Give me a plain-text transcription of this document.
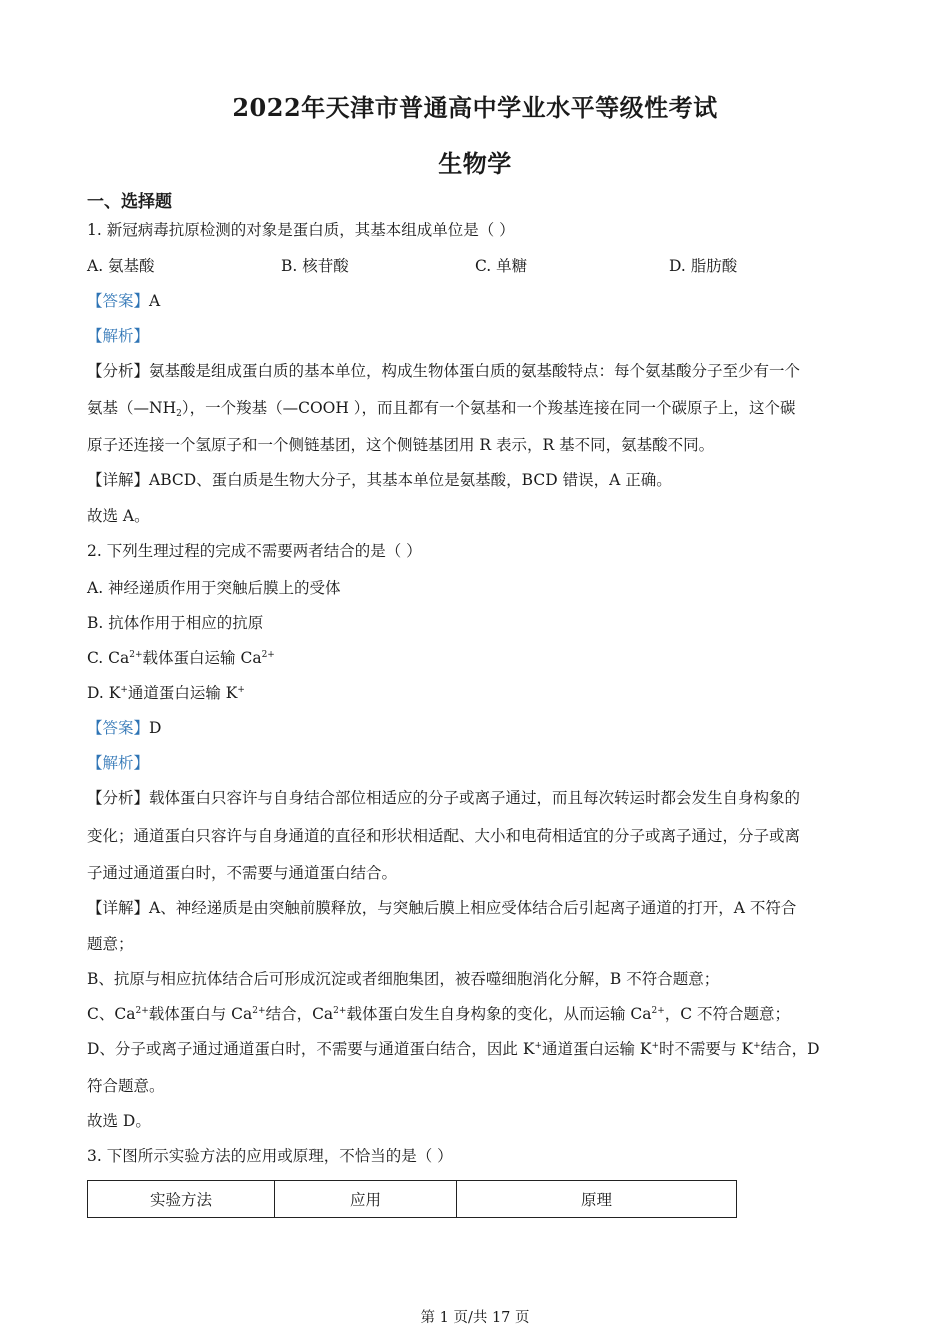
2022年天津市普通高中学业水平等级性考试
生物学
一、选择题
1. 新冠病毒抗原检测的对象是蛋白质，其基本组成单位是（ ）
A. 氨基酸	B. 核苷酸	C. 单糖	D. 脂肪酸
【答案】A
【解析】
【分析】氨基酸是组成蛋白质的基本单位，构成生物体蛋白质的氨基酸特点：每个氨基酸分子至少有一个
氨基$(—NH_2)$，一个羧基（—COOH ），而且都有一个氨基和一个羧基连接在同一个碳原子上，这个碳
原子还连接一个氢原子和一个侧链基团，这个侧链基团用 R 表示，R 基不同，氨基酸不同。
【详解】ABCD、蛋白质是生物大分子，其基本单位是氨基酸，BCD 错误，A 正确。
故选 A。
2. 下列生理过程的完成不需要两者结合的是（ ）
A. 神经递质作用于突触后膜上的受体
B. 抗体作用于相应的抗原
C. $Ca^{2+}$载体蛋白运输 $Ca^{2+}$
D. K+通道蛋白运输 K+
【答案】D
【解析】
【分析】载体蛋白只容许与自身结合部位相适应的分子或离子通过，而且每次转运时都会发生自身构象的
变化；通道蛋白只容许与自身通道的直径和形状相适配、大小和电荷相适宜的分子或离子通过，分子或离
子通过通道蛋白时，不需要与通道蛋白结合。
【详解】A、神经递质是由突触前膜释放，与突触后膜上相应受体结合后引起离子通道的打开，A 不符合
题意；
B、抗原与相应抗体结合后可形成沉淀或者细胞集团，被吞噬细胞消化分解，B 不符合题意；
C、$Ca^{2+}$载体蛋白与 $Ca^{2+}$结合，$Ca^{2+}$载体蛋白发生自身构象的变化，从而运输 $Ca^{2+}$，C 不符合题意；
D、分子或离子通过通道蛋白时，不需要与通道蛋白结合，因此 K+通道蛋白运输 K+时不需要与 K+结合，D
符合题意。
故选 D。
3. 下图所示实验方法的应用或原理，不恰当的是（ ）
实验方法	应用	原理
第 1 页/共 17 页
